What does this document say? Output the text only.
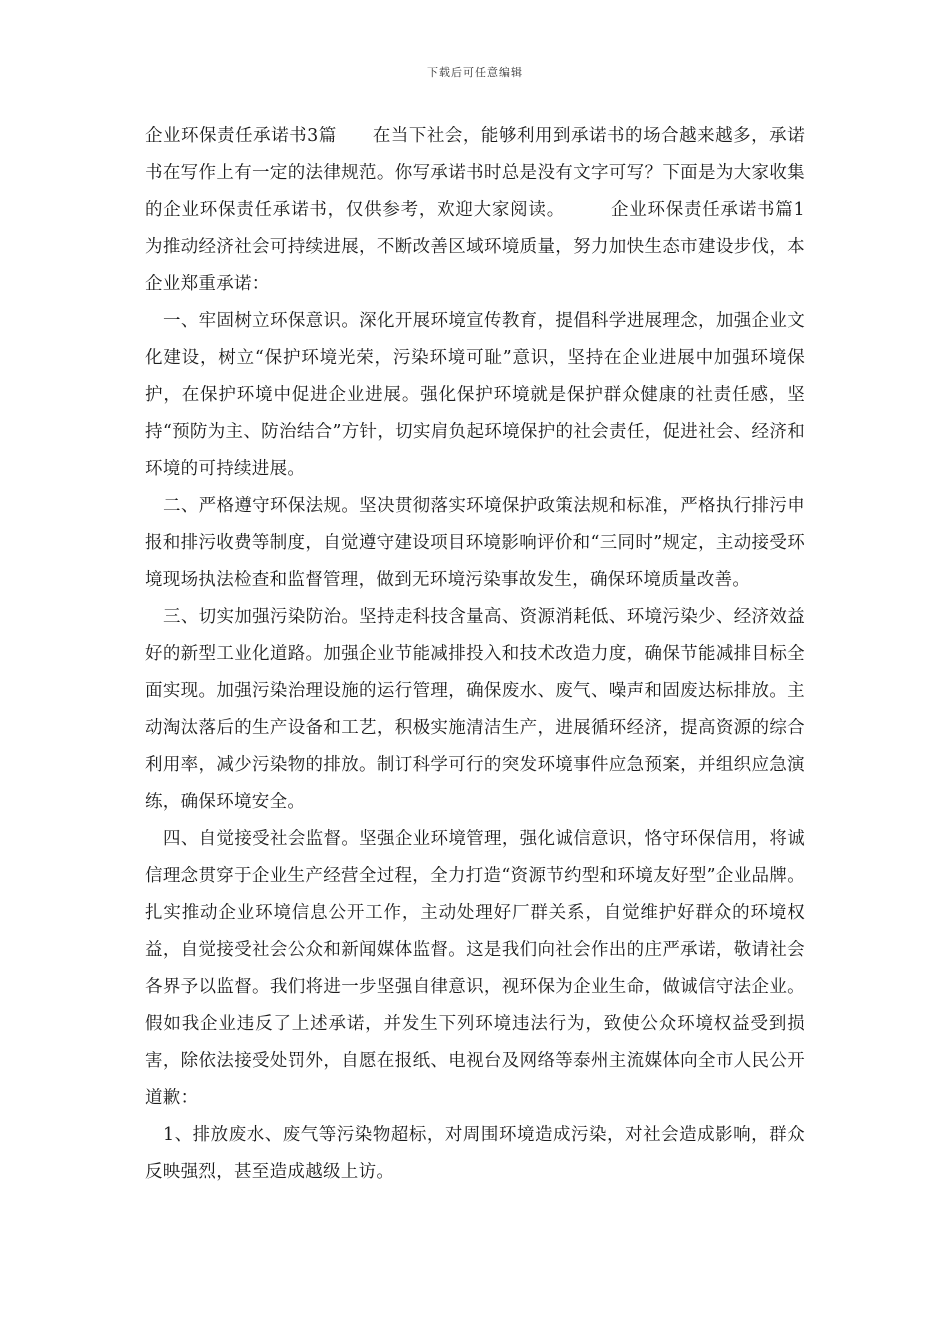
下载后可任意编辑

企业环保责任承诺书3篇　　在当下社会，能够利用到承诺书的场合越来越多，承诺书在写作上有一定的法律规范。你写承诺书时总是没有文字可写？下面是为大家收集的企业环保责任承诺书，仅供参考，欢迎大家阅读。　　　企业环保责任承诺书篇1　　为推动经济社会可持续进展，不断改善区域环境质量，努力加快生态市建设步伐，本企业郑重承诺：

一、牢固树立环保意识。深化开展环境宣传教育，提倡科学进展理念，加强企业文化建设，树立“保护环境光荣，污染环境可耻”意识，坚持在企业进展中加强环境保护，在保护环境中促进企业进展。强化保护环境就是保护群众健康的社责任感，坚持“预防为主、防治结合”方针，切实肩负起环境保护的社会责任，促进社会、经济和环境的可持续进展。

二、严格遵守环保法规。坚决贯彻落实环境保护政策法规和标准，严格执行排污申报和排污收费等制度，自觉遵守建设项目环境影响评价和“三同时”规定，主动接受环境现场执法检查和监督管理，做到无环境污染事故发生，确保环境质量改善。

三、切实加强污染防治。坚持走科技含量高、资源消耗低、环境污染少、经济效益好的新型工业化道路。加强企业节能减排投入和技术改造力度，确保节能减排目标全面实现。加强污染治理设施的运行管理，确保废水、废气、噪声和固废达标排放。主动淘汰落后的生产设备和工艺，积极实施清洁生产，进展循环经济，提高资源的综合利用率，减少污染物的排放。制订科学可行的突发环境事件应急预案，并组织应急演练，确保环境安全。

四、自觉接受社会监督。坚强企业环境管理，强化诚信意识，恪守环保信用，将诚信理念贯穿于企业生产经营全过程，全力打造“资源节约型和环境友好型”企业品牌。扎实推动企业环境信息公开工作，主动处理好厂群关系，自觉维护好群众的环境权益，自觉接受社会公众和新闻媒体监督。这是我们向社会作出的庄严承诺，敬请社会各界予以监督。我们将进一步坚强自律意识，视环保为企业生命，做诚信守法企业。假如我企业违反了上述承诺，并发生下列环境违法行为，致使公众环境权益受到损害，除依法接受处罚外，自愿在报纸、电视台及网络等泰州主流媒体向全市人民公开道歉：

1、排放废水、废气等污染物超标，对周围环境造成污染，对社会造成影响，群众反映强烈，甚至造成越级上访。
